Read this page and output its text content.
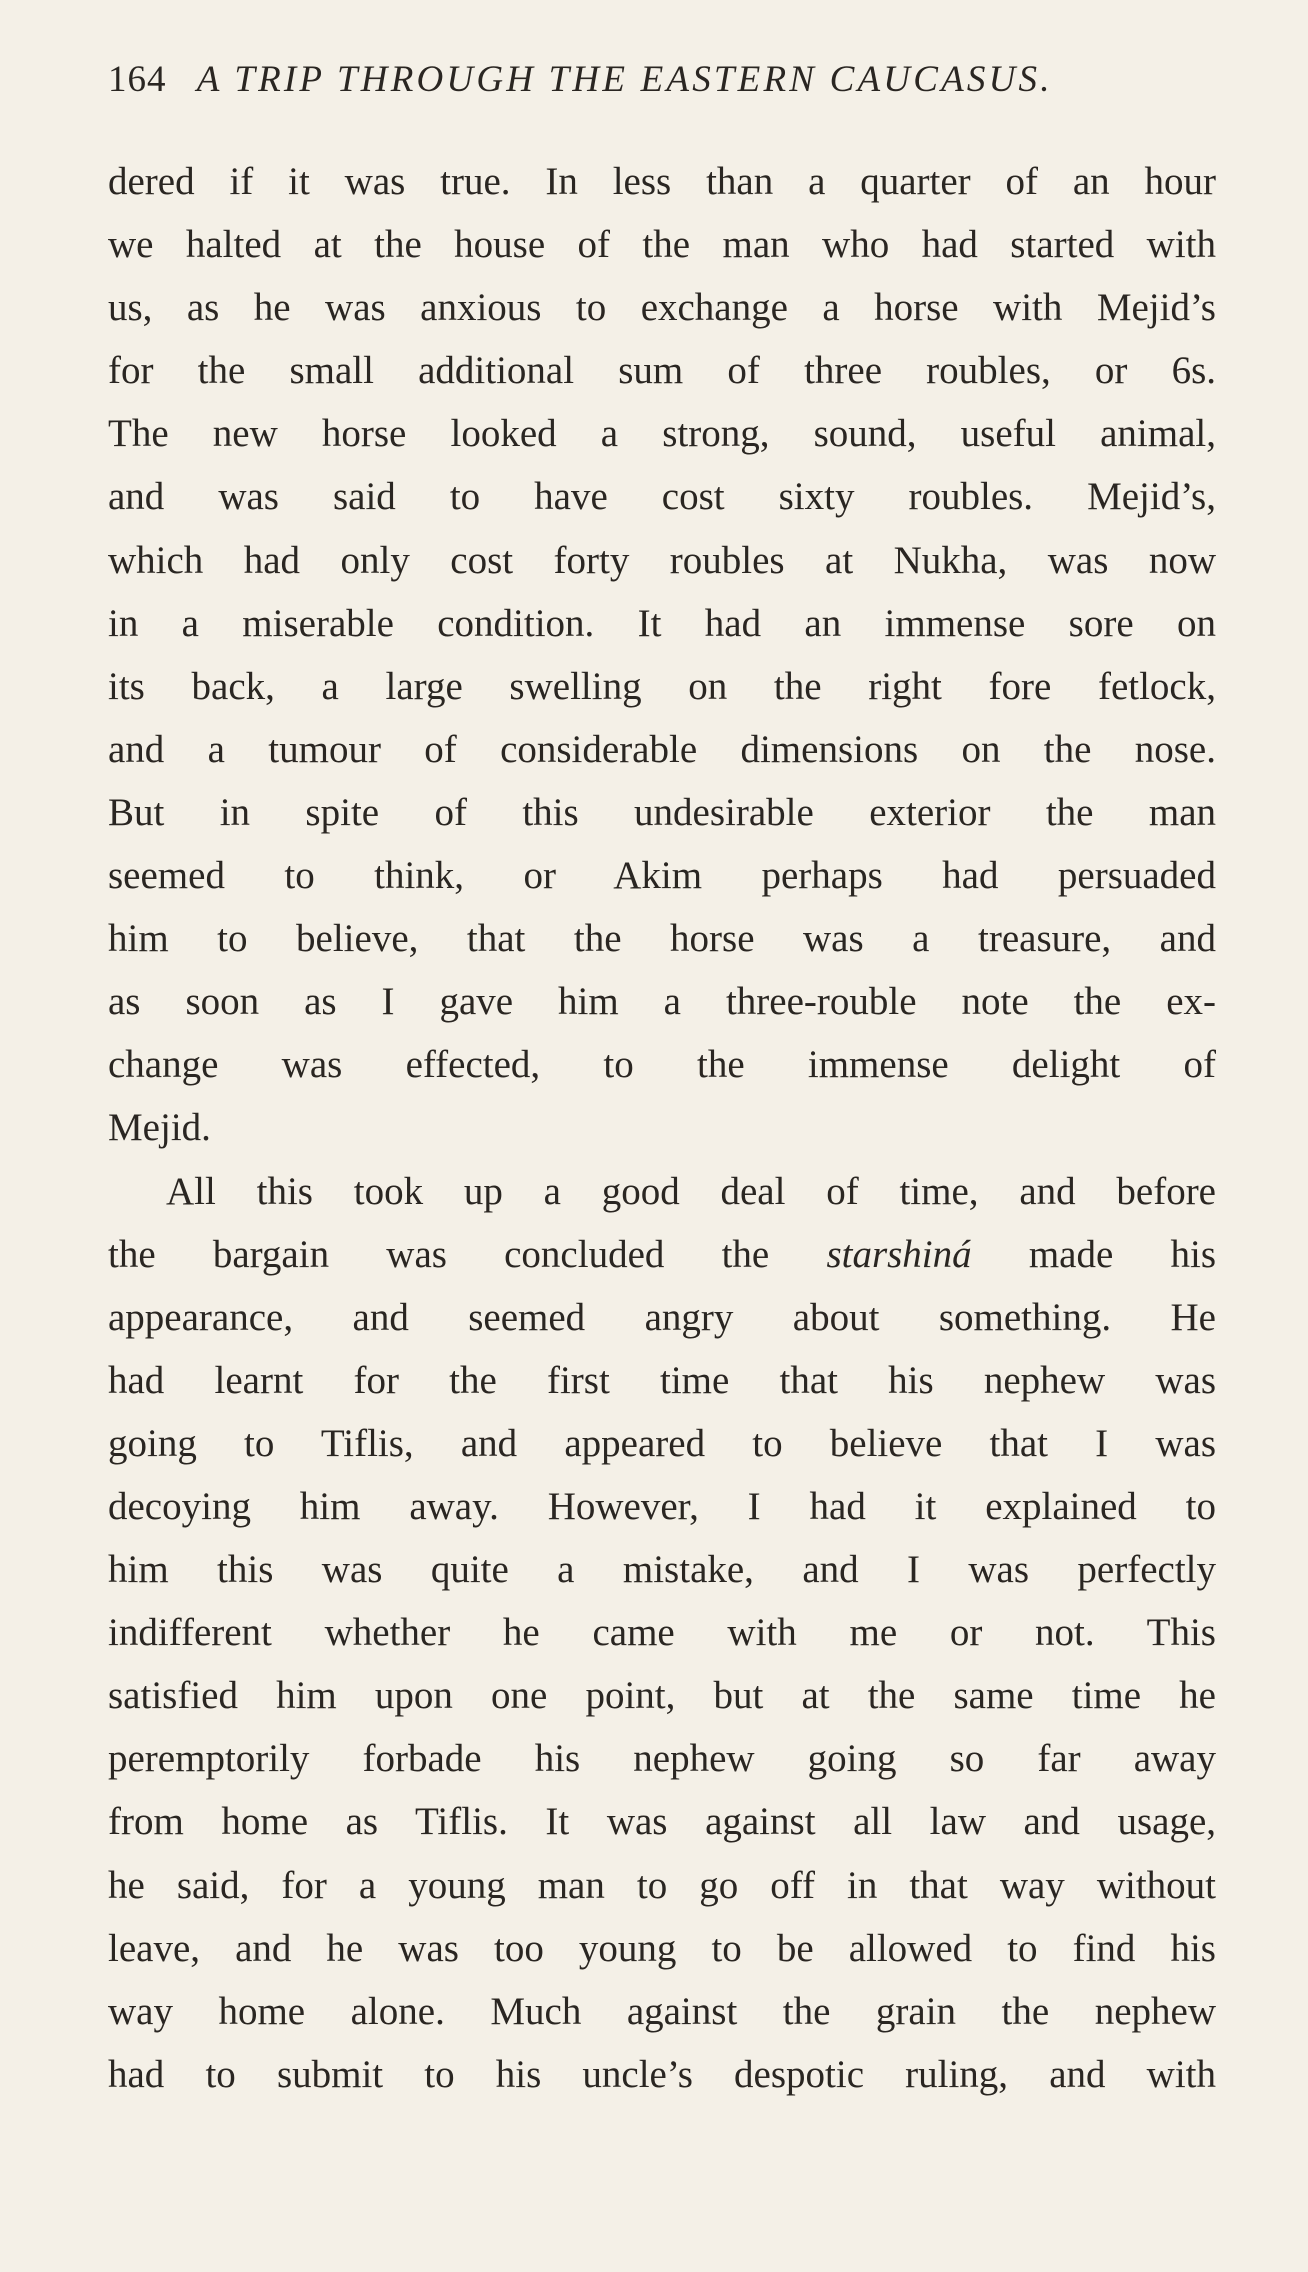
164 A TRIP THROUGH THE EASTERN CAUCASUS.
dered if it was true. In less than a quarter of an hour
we halted at the house of the man who had started with
us, as he was anxious to exchange a horse with Mejid’s
for the small additional sum of three roubles, or 6s.
The new horse looked a strong, sound, useful animal,
and was said to have cost sixty roubles. Mejid’s,
which had only cost forty roubles at Nukha, was now
in a miserable condition. It had an immense sore on
its back, a large swelling on the right fore fetlock,
and a tumour of considerable dimensions on the nose.
But in spite of this undesirable exterior the man
seemed to think, or Akim perhaps had persuaded
him to believe, that the horse was a treasure, and
as soon as I gave him a three-rouble note the ex-
change was effected, to the immense delight of
Mejid.
All this took up a good deal of time, and before
the bargain was concluded the starshiná made his
appearance, and seemed angry about something. He
had learnt for the first time that his nephew was
going to Tiflis, and appeared to believe that I was
decoying him away. However, I had it explained to
him this was quite a mistake, and I was perfectly
indifferent whether he came with me or not. This
satisfied him upon one point, but at the same time he
peremptorily forbade his nephew going so far away
from home as Tiflis. It was against all law and usage,
he said, for a young man to go off in that way without
leave, and he was too young to be allowed to find his
way home alone. Much against the grain the nephew
had to submit to his uncle’s despotic ruling, and with
